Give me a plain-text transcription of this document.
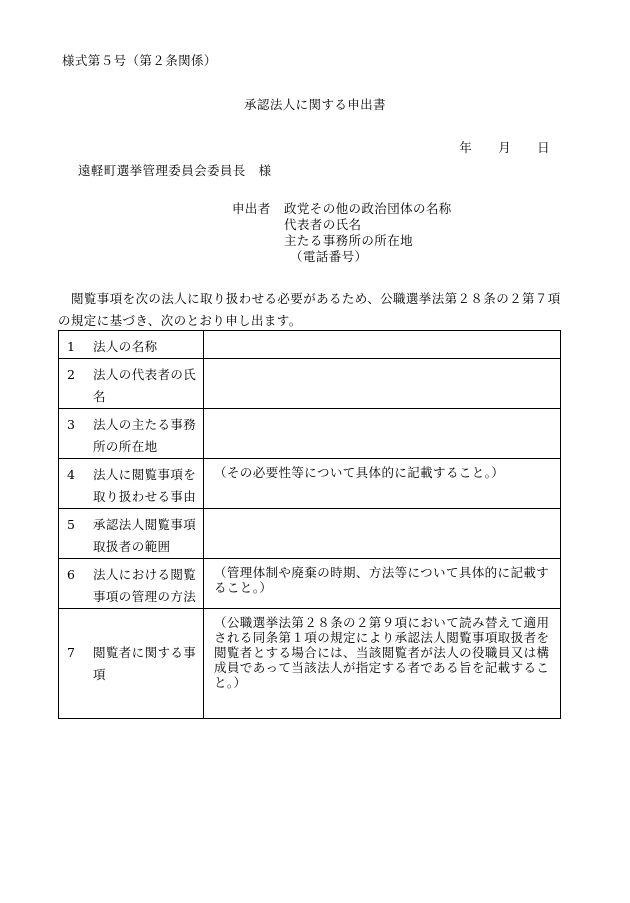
様式第５号（第２条関係）
承認法人に関する申出書
年 月 日
遠軽町選挙管理委員会委員長　様
申出者	政党その他の政治団体の名称
代表者の氏名
主たる事務所の所在地
（電話番号）
閲覧事項を次の法人に取り扱わせる必要があるため、公職選挙法第２８条の２第７項の規定に基づき、次のとおり申し出ます。
1 法人の名称	

2 法人の代表者の氏名	

3 法人の主たる事務所の所在地	

4 法人に閲覧事項を取り扱わせる事由	（その必要性等について具体的に記載すること。）

5 承認法人閲覧事項取扱者の範囲	

6 法人における閲覧事項の管理の方法	（管理体制や廃棄の時期、方法等について具体的に記載すること。）

7 閲覧者に関する事項	（公職選挙法第２８条の２第９項において読み替えて適用される同条第１項の規定により承認法人閲覧事項取扱者を閲覧者とする場合には、当該閲覧者が法人の役職員又は構成員であって当該法人が指定する者である旨を記載すること。）
